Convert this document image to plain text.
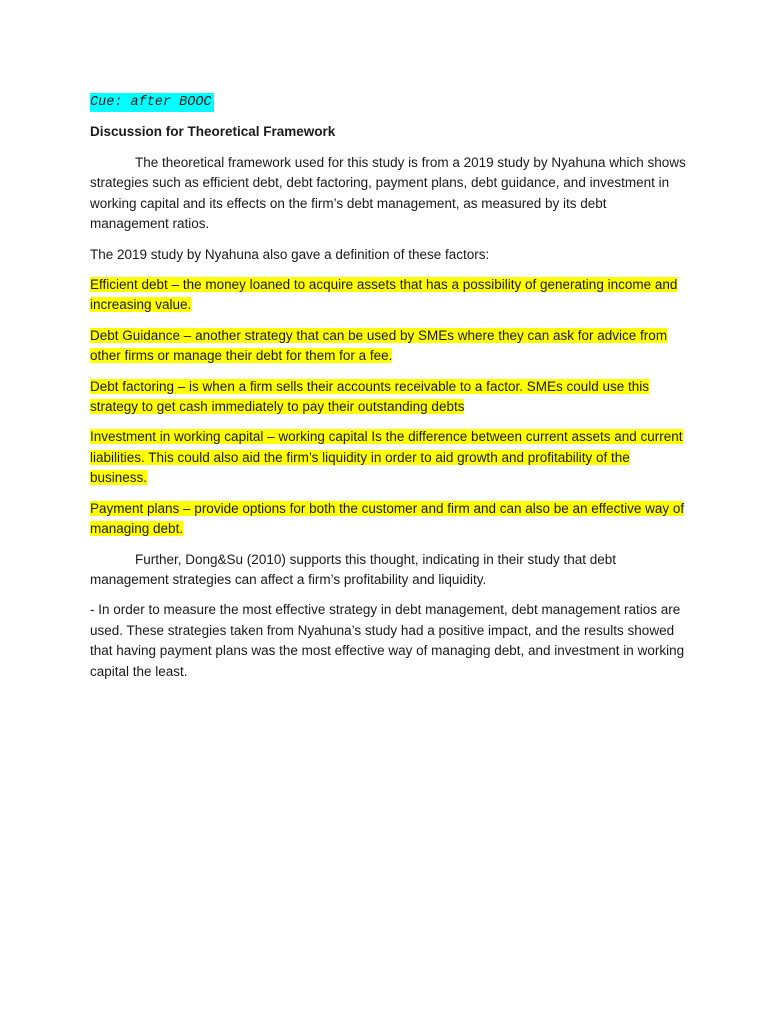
Cue: after BOOC

Discussion for Theoretical Framework

The theoretical framework used for this study is from a 2019 study by Nyahuna which shows strategies such as efficient debt, debt factoring, payment plans, debt guidance, and investment in working capital and its effects on the firm’s debt management, as measured by its debt management ratios.

The 2019 study by Nyahuna also gave a definition of these factors:

Efficient debt – the money loaned to acquire assets that has a possibility of generating income and increasing value.

Debt Guidance – another strategy that can be used by SMEs where they can ask for advice from other firms or manage their debt for them for a fee.

Debt factoring – is when a firm sells their accounts receivable to a factor. SMEs could use this strategy to get cash immediately to pay their outstanding debts

Investment in working capital – working capital Is the difference between current assets and current liabilities. This could also aid the firm’s liquidity in order to aid growth and profitability of the business.

Payment plans – provide options for both the customer and firm and can also be an effective way of managing debt.

Further, Dong&Su (2010) supports this thought, indicating in their study that debt management strategies can affect a firm’s profitability and liquidity.

- In order to measure the most effective strategy in debt management, debt management ratios are used. These strategies taken from Nyahuna’s study had a positive impact, and the results showed that having payment plans was the most effective way of managing debt, and investment in working capital the least.
